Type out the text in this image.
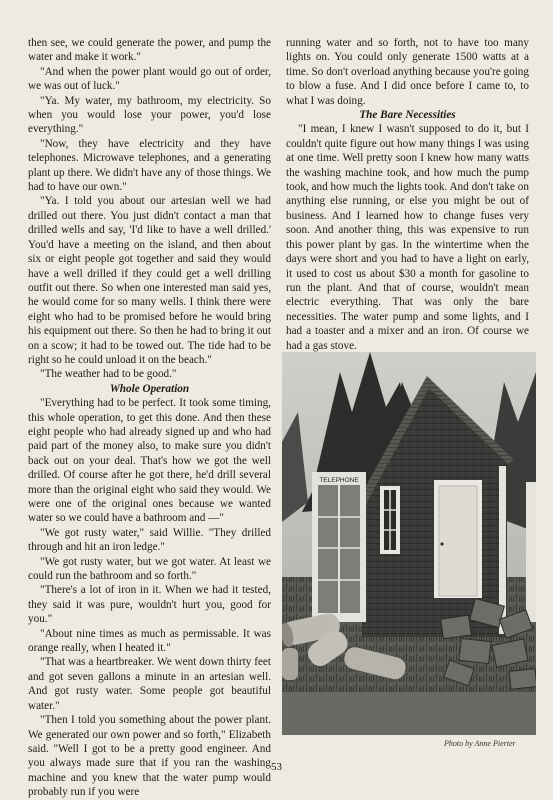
then see, we could generate the power, and pump the water and make it work."

"And when the power plant would go out of order, we was out of luck."

"Ya. My water, my bathroom, my electricity. So when you would lose your power, you'd lose everything."

"Now, they have electricity and they have telephones. Microwave telephones, and a generating plant up there. We didn't have any of those things. We had to have our own."

"Ya. I told you about our artesian well we had drilled out there. You just didn't contact a man that drilled wells and say, 'I'd like to have a well drilled.' You'd have a meeting on the island, and then about six or eight people got together and said they would have a well drilled if they could get a well drilling outfit out there. So when one interested man said yes, he would come for so many wells. I think there were eight who had to be promised before he would bring his equipment out there. So then he had to bring it out on a scow; it had to be towed out. The tide had to be right so he could unload it on the beach."

"The weather had to be good."

Whole Operation

"Everything had to be perfect. It took some timing, this whole operation, to get this done. And then these eight people who had already signed up and who had paid part of the money also, to make sure you didn't back out on your deal. That's how we got the well drilled. Of course after he got there, he'd drill several more than the original eight who said they would. We were one of the original ones because we wanted water so we could have a bathroom and —"

"We got rusty water," said Willie. "They drilled through and hit an iron ledge."

"We got rusty water, but we got water. At least we could run the bathroom and so forth."

"There's a lot of iron in it. When we had it tested, they said it was pure, wouldn't hurt you, good for you."

"About nine times as much as permissable. It was orange really, when I heated it."

"That was a heartbreaker. We went down thirty feet and got seven gallons a minute in an artesian well. And got rusty water. Some people got beautiful water."

"Then I told you something about the power plant. We generated our own power and so forth," Elizabeth said. "Well I got to be a pretty good engineer. And you always made sure that if you ran the washing machine and you knew that the water pump would probably run if you were

running water and so forth, not to have too many lights on. You could only generate 1500 watts at a time. So don't overload anything because you're going to blow a fuse. And I did once before I came to, to what I was doing.

The Bare Necessities

"I mean, I knew I wasn't supposed to do it, but I couldn't quite figure out how many things I was using at one time. Well pretty soon I knew how many watts the washing machine took, and how much the pump took, and how much the lights took. And don't take on anything else running, or else you might be out of business. And I learned how to change fuses very soon. And another thing, this was expensive to run this power plant by gas. In the wintertime when the days were short and you had to have a light on early, it used to cost us about $30 a month for gasoline to run the plant. And that of course, wouldn't mean electric everything. That was only the bare necessities. The water pump and some lights, and I had a toaster and a mixer and an iron. Of course we had a gas stove.

TELEPHONE
Photo by Anne Pierter
53
